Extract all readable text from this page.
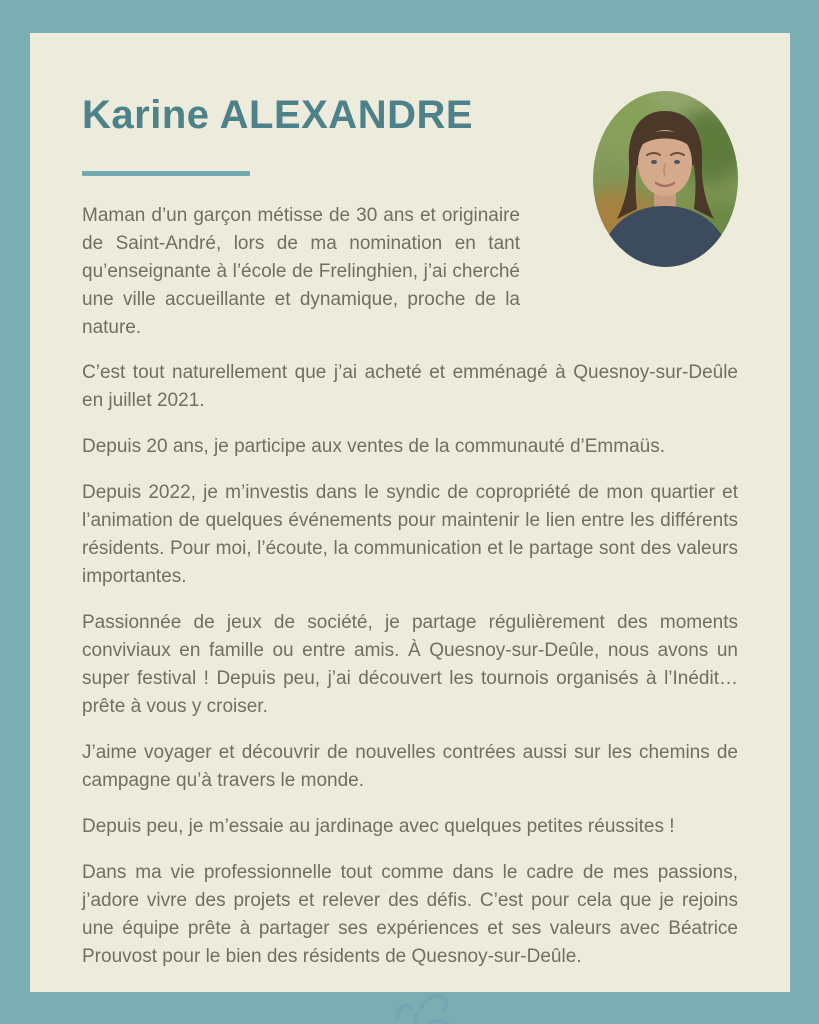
Karine ALEXANDRE

Maman d’un garçon métisse de 30 ans et originaire de Saint-André, lors de ma nomination en tant qu’enseignante à l’école de Frelinghien, j’ai cherché une ville accueillante et dynamique, proche de la nature.

C’est tout naturellement que j’ai acheté et emménagé à Quesnoy-sur-Deûle en juillet 2021.

Depuis 20 ans, je participe aux ventes de la communauté d’Emmaüs.

Depuis 2022, je m’investis dans le syndic de copropriété de mon quartier et l’animation de quelques événements pour maintenir le lien entre les différents résidents. Pour moi, l’écoute, la communication et le partage sont des valeurs importantes.

Passionnée de jeux de société, je partage régulièrement des moments conviviaux en famille ou entre amis. À Quesnoy-sur-Deûle, nous avons un super festival ! Depuis peu, j’ai découvert les tournois organisés à l’Inédit… prête à vous y croiser.

J’aime voyager et découvrir de nouvelles contrées aussi sur les chemins de campagne qu’à travers le monde.

Depuis peu, je m’essaie au jardinage avec quelques petites réussites !

Dans ma vie professionnelle tout comme dans le cadre de mes passions, j’adore vivre des projets et relever des défis. C’est pour cela que je rejoins une équipe prête à partager ses expériences et ses valeurs avec Béatrice Prouvost pour le bien des résidents de Quesnoy-sur-Deûle.
